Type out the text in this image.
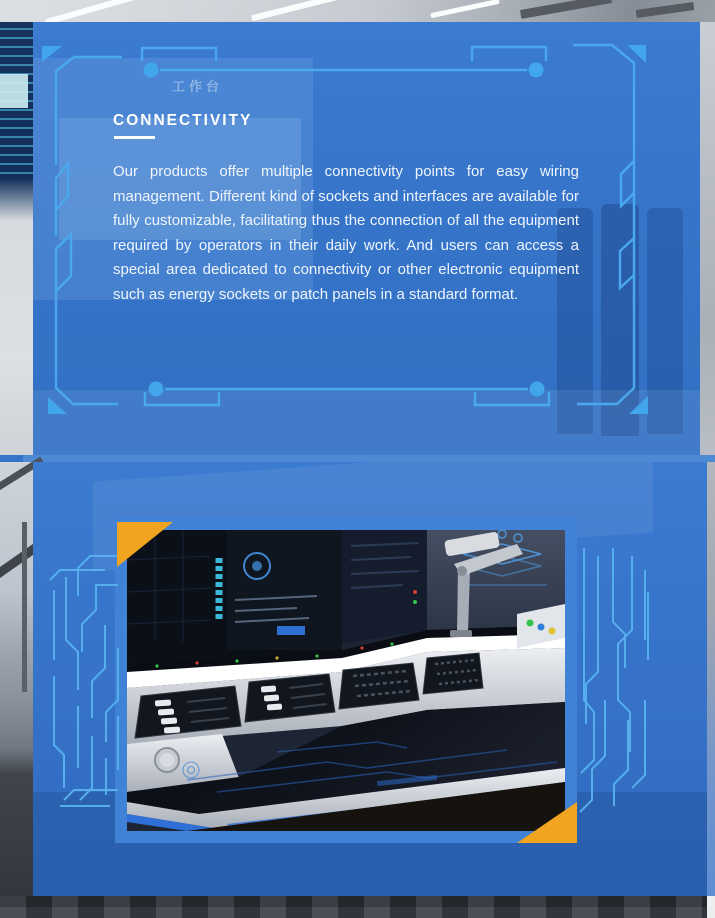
工作台
CONNECTIVITY
Our products offer multiple connectivity points for easy wiring management. Different kind of sockets and interfaces are available for fully customizable, facilitating thus the connection of all the equipment required by operators in their daily work. And users can access a special area dedicated to connectivity or other electronic equipment such as energy sockets or patch panels in a standard format.
